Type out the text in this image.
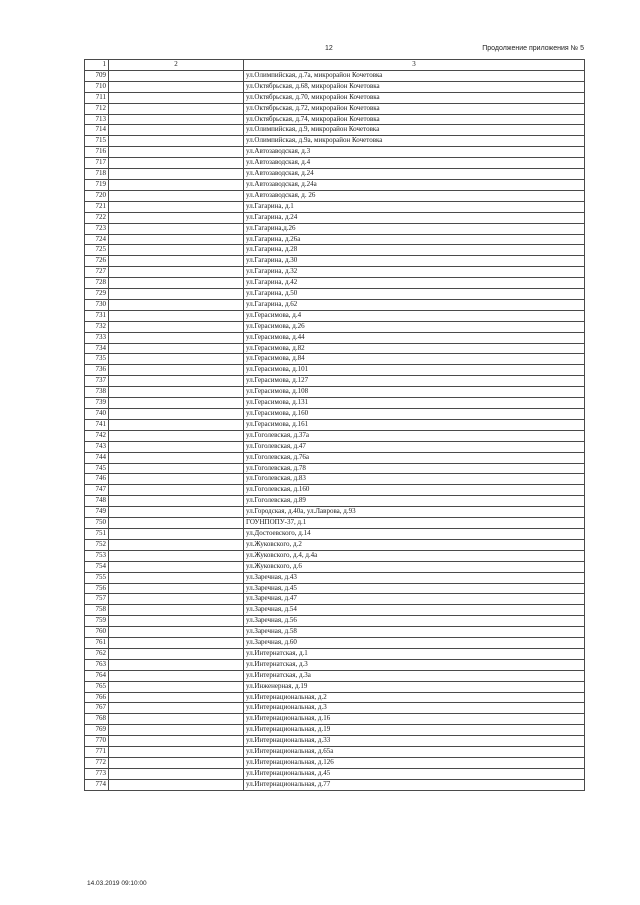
12	Продолжение приложения № 5
1	2	3
709		ул.Олимпийская, д.7а, микрорайон Кочетовка
710		ул.Октябрьская, д.68, микрорайон Кочетовка
711		ул.Октябрьская, д.70, микрорайон Кочетовка
712		ул.Октябрьская, д.72, микрорайон Кочетовка
713		ул.Октябрьская, д.74, микрорайон Кочетовка
714		ул.Олимпийская, д.9, микрорайон Кочетовка
715		ул.Олимпийская, д.9а, микрорайон Кочетовка
716		ул.Автозаводская, д.3
717		ул.Автозаводская, д.4
718		ул.Автозаводская, д.24
719		ул.Автозаводская, д.24а
720		ул.Автозаводская, д. 26
721		ул.Гагарина, д.1
722		ул.Гагарина, д.24
723		ул.Гагарина,д.26
724		ул.Гагарина, д.26а
725		ул.Гагарина, д.28
726		ул.Гагарина, д.30
727		ул.Гагарина, д.32
728		ул.Гагарина, д.42
729		ул.Гагарина, д.50
730		ул.Гагарина, д.62
731		ул.Герасимова, д.4
732		ул.Герасимова, д.26
733		ул.Герасимова, д.44
734		ул.Герасимова, д.82
735		ул.Герасимова, д.84
736		ул.Герасимова, д.101
737		ул.Герасимова, д.127
738		ул.Герасимова, д.108
739		ул.Герасимова, д.131
740		ул.Герасимова, д.160
741		ул.Герасимова, д.161
742		ул.Гоголевская, д.37а
743		ул.Гоголевская, д.47
744		ул.Гоголевская, д.76а
745		ул.Гоголевская, д.78
746		ул.Гоголевская, д.83
747		ул.Гоголевская, д.160
748		ул.Гоголевская, д.89
749		ул.Городская, д.40а, ул.Лаврова, д.93
750		ГОУНПОПУ-37, д.1
751		ул.Достоевского, д.14
752		ул.Жуковского, д.2
753		ул.Жуковского, д.4, д.4а
754		ул.Жуковского, д.6
755		ул.Заречная, д.43
756		ул.Заречная, д.45
757		ул.Заречная, д.47
758		ул.Заречная, д.54
759		ул.Заречная, д.56
760		ул.Заречная, д.58
761		ул.Заречная, д.60
762		ул.Интернатская, д.1
763		ул.Интернатская, д.3
764		ул.Интернатская, д.3а
765		ул.Инженерная, д.19
766		ул.Интернациональная, д.2
767		ул.Интернациональная, д.3
768		ул.Интернациональная, д.16
769		ул.Интернациональная, д.19
770		ул.Интернациональная, д.33
771		ул.Интернациональная, д.65а
772		ул.Интернациональная, д.126
773		ул.Интернациональная, д.45
774		ул.Интернациональная, д.77
14.03.2019 09:10:00
